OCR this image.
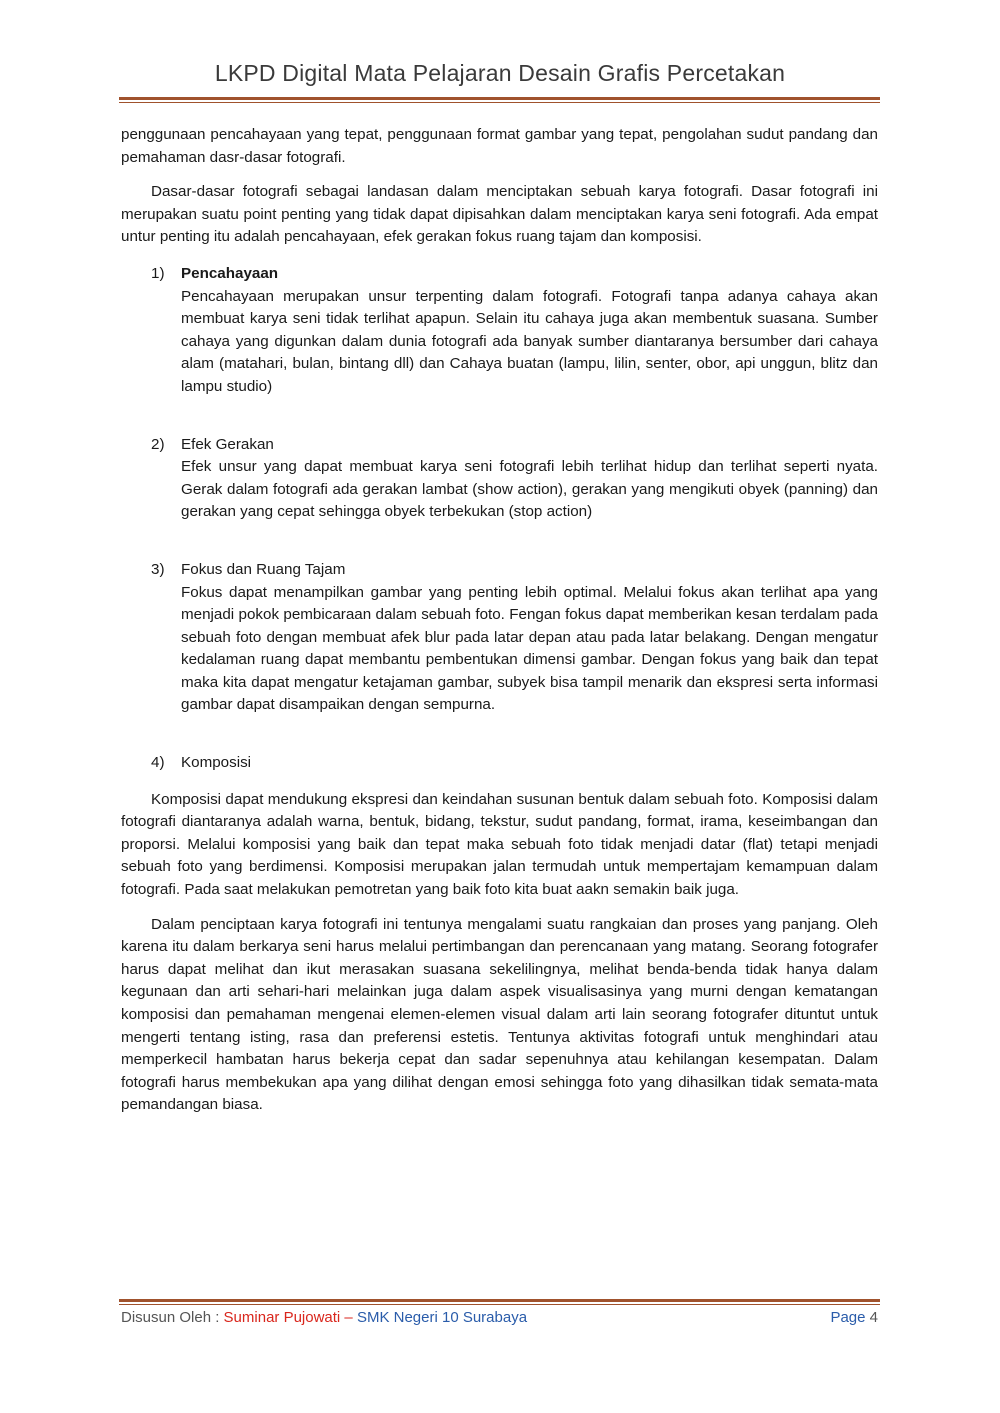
LKPD Digital Mata Pelajaran Desain Grafis Percetakan

penggunaan pencahayaan yang tepat, penggunaan format gambar yang tepat, pengolahan sudut pandang dan pemahaman dasr-dasar fotografi.

Dasar-dasar fotografi sebagai landasan dalam menciptakan sebuah karya fotografi. Dasar fotografi ini merupakan suatu point penting yang tidak dapat dipisahkan dalam menciptakan karya seni fotografi. Ada empat untur penting itu adalah pencahayaan, efek gerakan fokus ruang tajam dan komposisi.

1) Pencahayaan

Pencahayaan merupakan unsur terpenting dalam fotografi. Fotografi tanpa adanya cahaya akan membuat karya seni tidak terlihat apapun. Selain itu cahaya juga akan membentuk suasana. Sumber cahaya yang digunkan dalam dunia fotografi ada banyak sumber diantaranya bersumber dari cahaya alam (matahari, bulan, bintang dll) dan Cahaya buatan (lampu, lilin, senter, obor, api unggun, blitz dan lampu studio)

2) Efek Gerakan

Efek unsur yang dapat membuat karya seni fotografi lebih terlihat hidup dan terlihat seperti nyata. Gerak dalam fotografi ada gerakan lambat (show action), gerakan yang mengikuti obyek (panning) dan gerakan yang cepat sehingga obyek terbekukan (stop action)

3) Fokus dan Ruang Tajam

Fokus dapat menampilkan gambar yang penting lebih optimal. Melalui fokus akan terlihat apa yang menjadi pokok pembicaraan dalam sebuah foto. Fengan fokus dapat memberikan kesan terdalam pada sebuah foto dengan membuat afek blur pada latar depan atau pada latar belakang. Dengan mengatur kedalaman ruang dapat membantu pembentukan dimensi gambar. Dengan fokus yang baik dan tepat maka kita dapat mengatur ketajaman gambar, subyek bisa tampil menarik dan ekspresi serta informasi gambar dapat disampaikan dengan sempurna.

4) Komposisi

Komposisi dapat mendukung ekspresi dan keindahan susunan bentuk dalam sebuah foto. Komposisi dalam fotografi diantaranya adalah warna, bentuk, bidang, tekstur, sudut pandang, format, irama, keseimbangan dan proporsi. Melalui komposisi yang baik dan tepat maka sebuah foto tidak menjadi datar (flat) tetapi menjadi sebuah foto yang berdimensi. Komposisi merupakan jalan termudah untuk mempertajam kemampuan dalam fotografi. Pada saat melakukan pemotretan yang baik foto kita buat aakn semakin baik juga.

Dalam penciptaan karya fotografi ini tentunya mengalami suatu rangkaian dan proses yang panjang. Oleh karena itu dalam berkarya seni harus melalui pertimbangan dan perencanaan yang matang. Seorang fotografer harus dapat melihat dan ikut merasakan suasana sekelilingnya, melihat benda-benda tidak hanya dalam kegunaan dan arti sehari-hari melainkan juga dalam aspek visualisasinya yang murni dengan kematangan komposisi dan pemahaman mengenai elemen-elemen visual dalam arti lain seorang fotografer dituntut untuk mengerti tentang isting, rasa dan preferensi estetis. Tentunya aktivitas fotografi untuk menghindari atau memperkecil hambatan harus bekerja cepat dan sadar sepenuhnya atau kehilangan kesempatan. Dalam fotografi harus membekukan apa yang dilihat dengan emosi sehingga foto yang dihasilkan tidak semata-mata pemandangan biasa.

Disusun Oleh : Suminar Pujowati – SMK Negeri 10 Surabaya	Page 4
